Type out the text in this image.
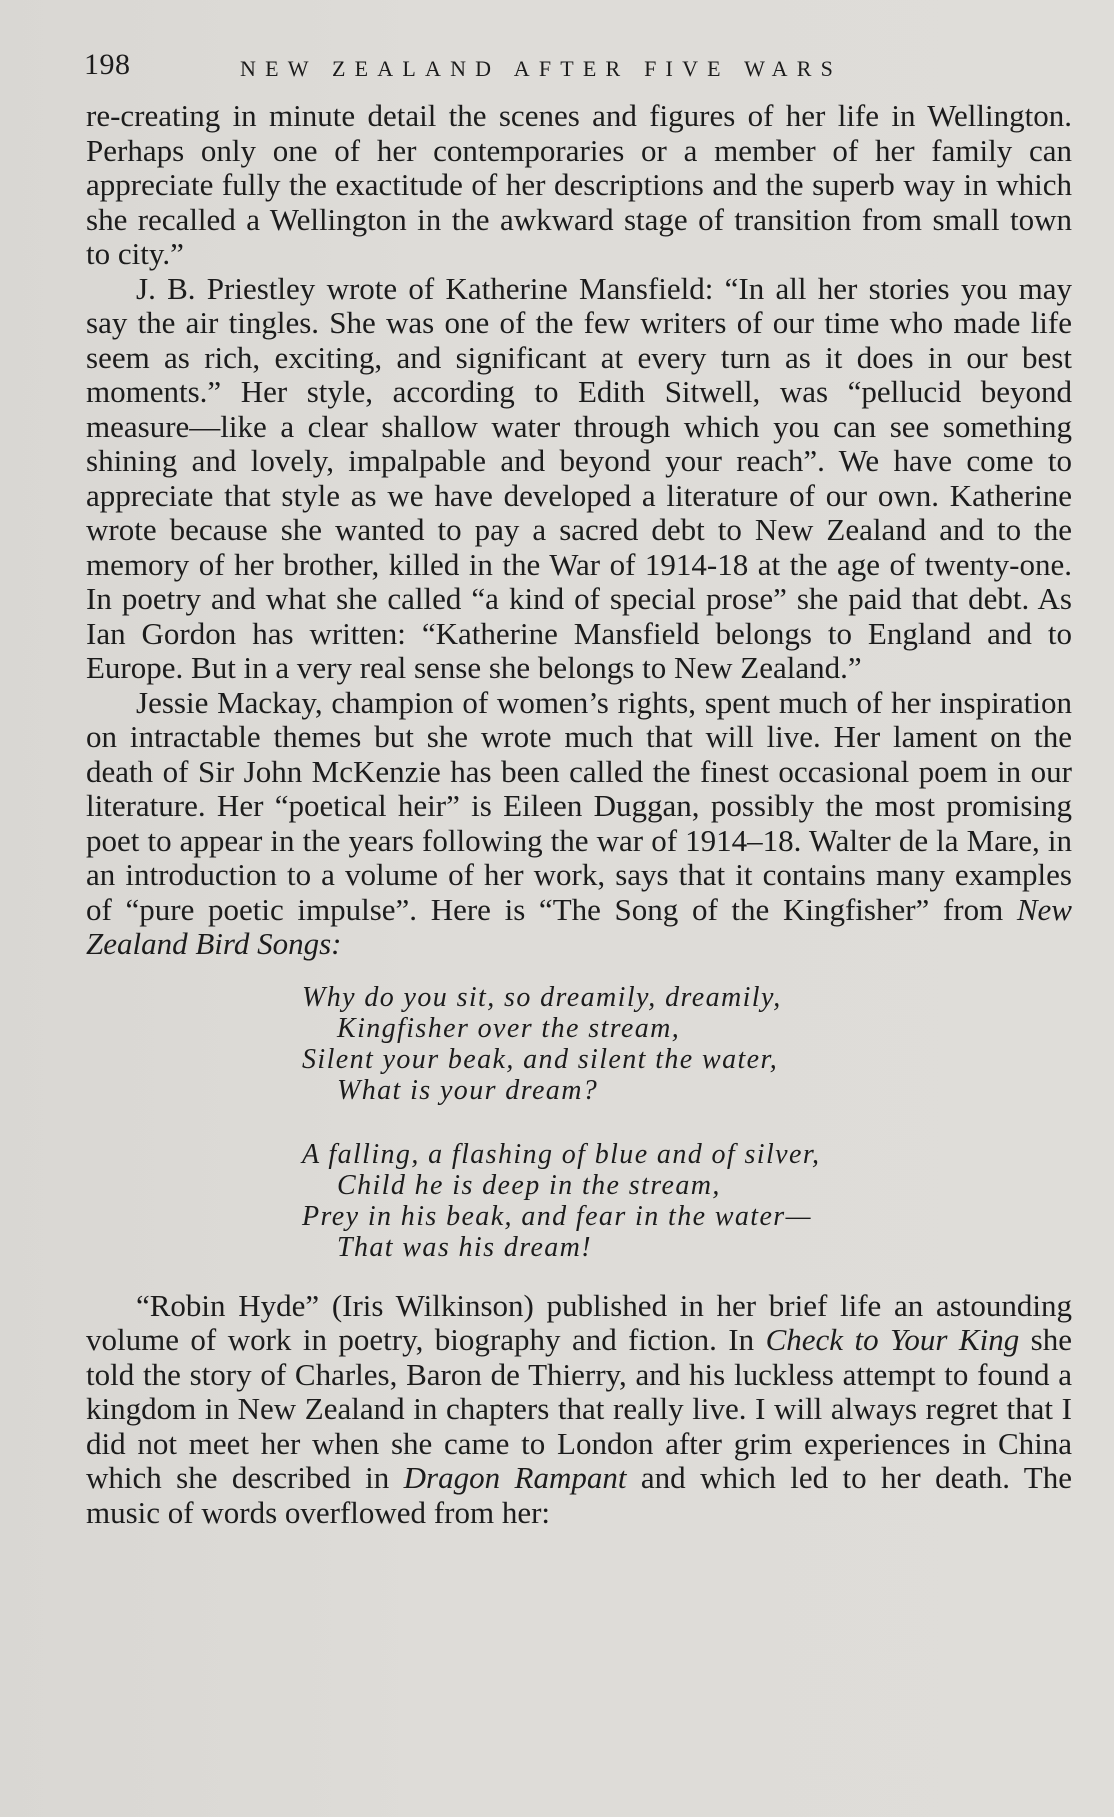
198	NEW ZEALAND AFTER FIVE WARS

re-creating in minute detail the scenes and figures of her life in Wellington. Perhaps only one of her contemporaries or a member of her family can appreciate fully the exactitude of her descriptions and the superb way in which she recalled a Wellington in the awkward stage of transition from small town to city.”

J. B. Priestley wrote of Katherine Mansfield: “In all her stories you may say the air tingles. She was one of the few writers of our time who made life seem as rich, exciting, and significant at every turn as it does in our best moments.” Her style, according to Edith Sitwell, was “pellucid beyond measure—like a clear shallow water through which you can see something shining and lovely, impalpable and beyond your reach”. We have come to appreciate that style as we have developed a literature of our own. Katherine wrote because she wanted to pay a sacred debt to New Zealand and to the memory of her brother, killed in the War of 1914-18 at the age of twenty-one. In poetry and what she called “a kind of special prose” she paid that debt. As Ian Gordon has written: “Katherine Mansfield belongs to England and to Europe. But in a very real sense she belongs to New Zealand.”

Jessie Mackay, champion of women’s rights, spent much of her inspiration on intractable themes but she wrote much that will live. Her lament on the death of Sir John McKenzie has been called the finest occasional poem in our literature. Her “poetical heir” is Eileen Duggan, possibly the most promising poet to appear in the years following the war of 1914–18. Walter de la Mare, in an introduction to a volume of her work, says that it contains many examples of “pure poetic impulse”. Here is “The Song of the Kingfisher” from New Zealand Bird Songs:

Why do you sit, so dreamily, dreamily,
Kingfisher over the stream,
Silent your beak, and silent the water,
What is your dream?
A falling, a flashing of blue and of silver,
Child he is deep in the stream,
Prey in his beak, and fear in the water—
That was his dream!

“Robin Hyde” (Iris Wilkinson) published in her brief life an astounding volume of work in poetry, biography and fiction. In Check to Your King she told the story of Charles, Baron de Thierry, and his luckless attempt to found a kingdom in New Zealand in chapters that really live. I will always regret that I did not meet her when she came to London after grim experiences in China which she described in Dragon Rampant and which led to her death. The music of words overflowed from her:
